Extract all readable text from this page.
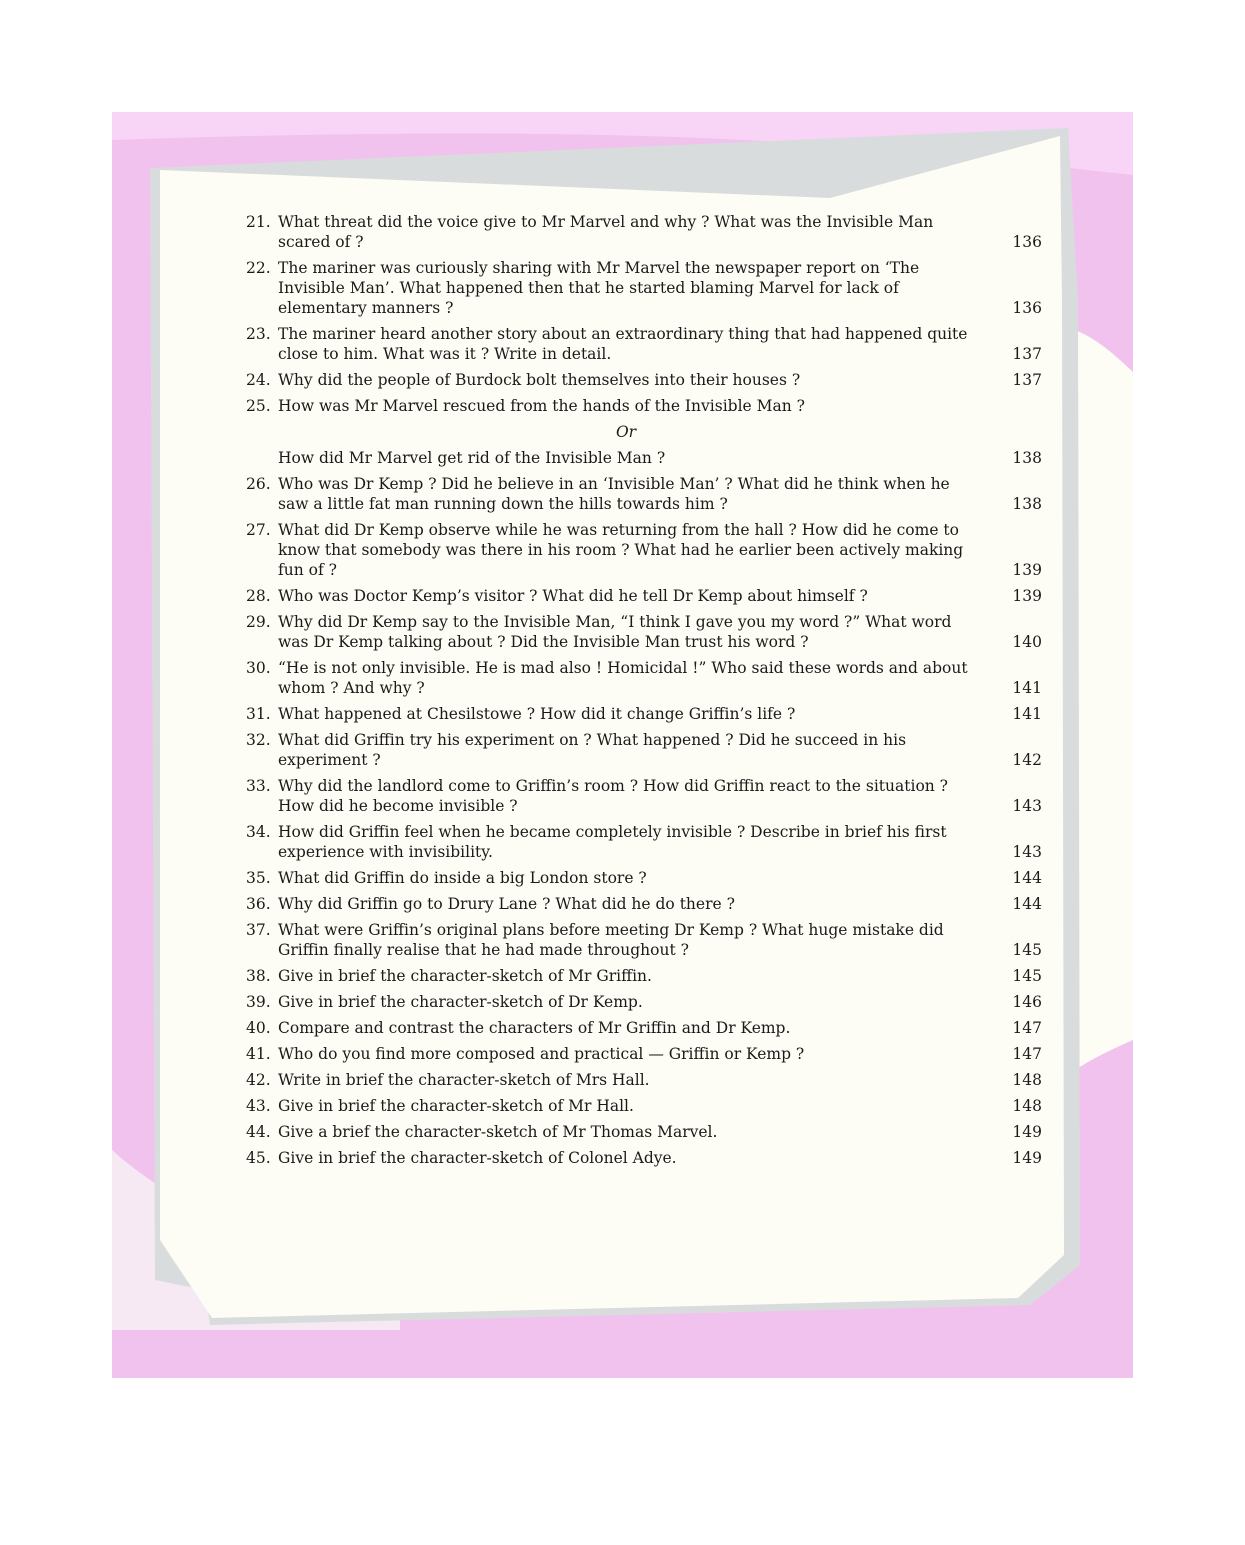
21. What threat did the voice give to Mr Marvel and why ? What was the Invisible Man scared of ?	136
22. The mariner was curiously sharing with Mr Marvel the newspaper report on ‘The Invisible Man’. What happened then that he started blaming Marvel for lack of elementary manners ?	136
23. The mariner heard another story about an extraordinary thing that had happened quite close to him. What was it ? Write in detail.	137
24. Why did the people of Burdock bolt themselves into their houses ?	137
25. How was Mr Marvel rescued from the hands of the Invisible Man ?
Or
How did Mr Marvel get rid of the Invisible Man ?	138
26. Who was Dr Kemp ? Did he believe in an ‘Invisible Man’ ? What did he think when he saw a little fat man running down the hills towards him ?	138
27. What did Dr Kemp observe while he was returning from the hall ? How did he come to know that somebody was there in his room ? What had he earlier been actively making fun of ?	139
28. Who was Doctor Kemp’s visitor ? What did he tell Dr Kemp about himself ?	139
29. Why did Dr Kemp say to the Invisible Man, “I think I gave you my word ?” What word was Dr Kemp talking about ? Did the Invisible Man trust his word ?	140
30. “He is not only invisible. He is mad also ! Homicidal !” Who said these words and about whom ? And why ?	141
31. What happened at Chesilstowe ? How did it change Griffin’s life ?	141
32. What did Griffin try his experiment on ? What happened ? Did he succeed in his experiment ?	142
33. Why did the landlord come to Griffin’s room ? How did Griffin react to the situation ? How did he become invisible ?	143
34. How did Griffin feel when he became completely invisible ? Describe in brief his first experience with invisibility.	143
35. What did Griffin do inside a big London store ?	144
36. Why did Griffin go to Drury Lane ? What did he do there ?	144
37. What were Griffin’s original plans before meeting Dr Kemp ? What huge mistake did Griffin finally realise that he had made throughout ?	145
38. Give in brief the character-sketch of Mr Griffin.	145
39. Give in brief the character-sketch of Dr Kemp.	146
40. Compare and contrast the characters of Mr Griffin and Dr Kemp.	147
41. Who do you find more composed and practical — Griffin or Kemp ?	147
42. Write in brief the character-sketch of Mrs Hall.	148
43. Give in brief the character-sketch of Mr Hall.	148
44. Give a brief the character-sketch of Mr Thomas Marvel.	149
45. Give in brief the character-sketch of Colonel Adye.	149
